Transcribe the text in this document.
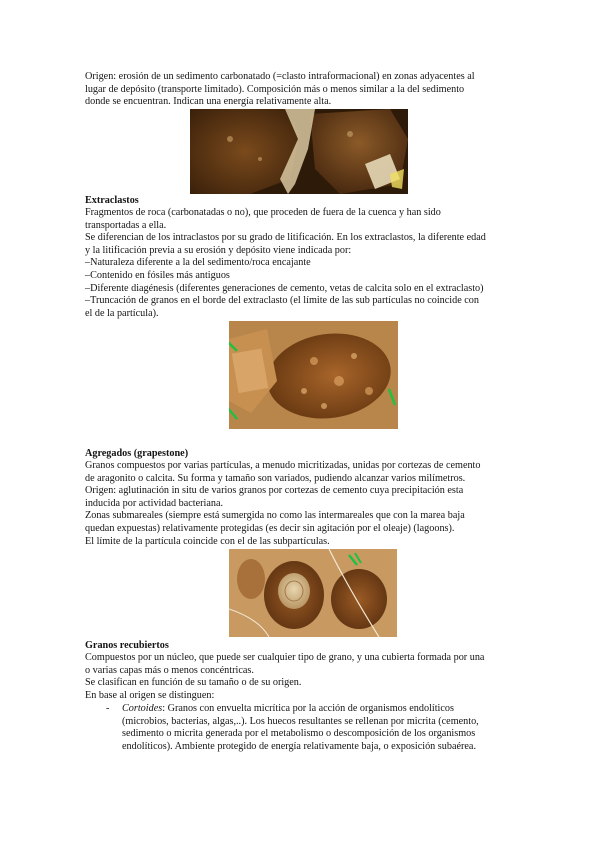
Origen: erosión de un sedimento carbonatado (=clasto intraformacional) en zonas adyacentes al
lugar de depósito (transporte limitado). Composición más o menos similar a la del sedimento
donde se encuentran. Indican una energía relativamente alta.
Extraclastos
Fragmentos de roca (carbonatadas o no), que proceden de fuera de la cuenca y han sido
transportadas a ella.
Se diferencian de los intraclastos por su grado de litificación. En los extraclastos, la diferente edad
y la litificación previa a su erosión y depósito viene indicada por:
–Naturaleza diferente a la del sedimento/roca encajante
–Contenido en fósiles más antiguos
–Diferente diagénesis (diferentes generaciones de cemento, vetas de calcita solo en el extraclasto)
–Truncación de granos en el borde del extraclasto (el límite de las sub partículas no coincide con
el de la partícula).
Agregados (grapestone)
Granos compuestos por varias partículas, a menudo micritizadas, unidas por cortezas de cemento
de aragonito o calcita. Su forma y tamaño son variados, pudiendo alcanzar varios milímetros.
Origen: aglutinación in situ de varios granos por cortezas de cemento cuya precipitación esta
inducida por actividad bacteriana.
Zonas submareales (siempre está sumergida no como las intermareales que con la marea baja
quedan expuestas) relativamente protegidas (es decir sin agitación por el oleaje) (lagoons).
El límite de la partícula coincide con el de las subpartículas.
Granos recubiertos
Compuestos por un núcleo, que puede ser cualquier tipo de grano, y una cubierta formada por una
o varias capas más o menos concéntricas.
Se clasifican en función de su tamaño o de su origen.
En base al origen se distinguen:
- Cortoides: Granos con envuelta micrítica por la acción de organismos endolíticos
(microbios, bacterias, algas,..). Los huecos resultantes se rellenan por micrita (cemento,
sedimento o micrita generada por el metabolismo o descomposición de los organismos
endolíticos). Ambiente protegido de energía relativamente baja, o exposición subaérea.
